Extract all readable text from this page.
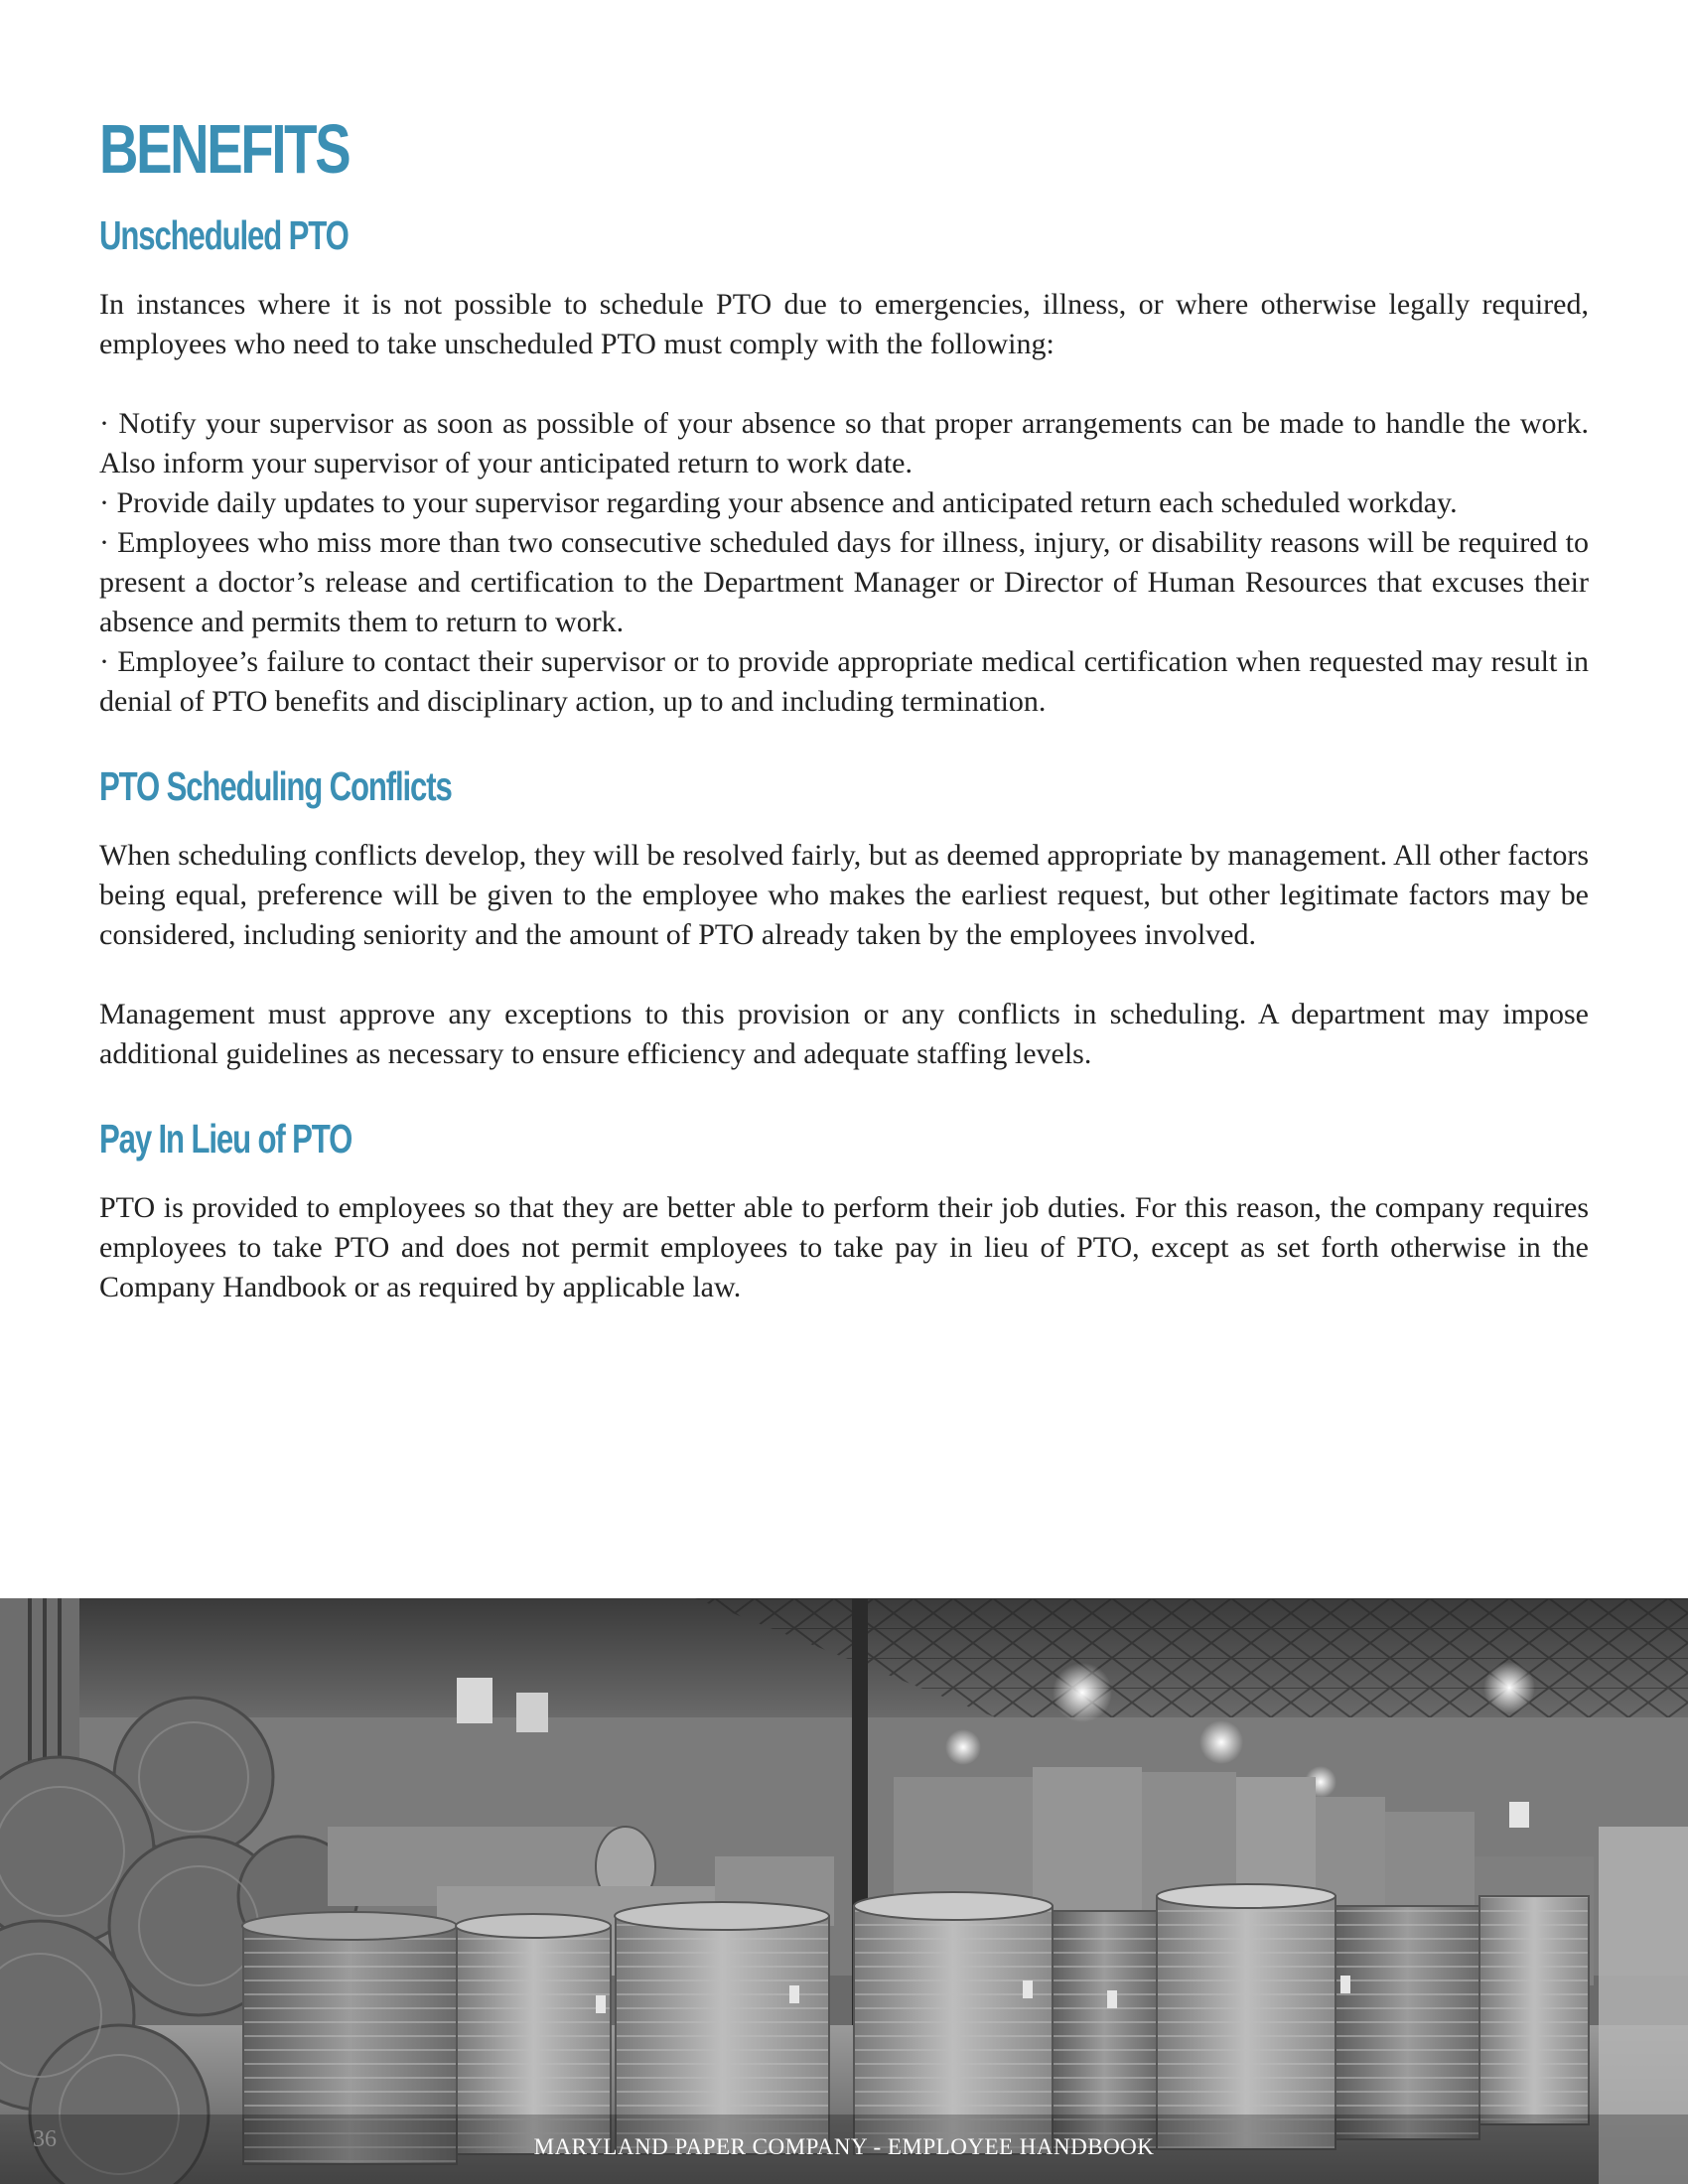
BENEFITS
Unscheduled PTO

In instances where it is not possible to schedule PTO due to emergencies, illness, or where otherwise legally required, employees who need to take unscheduled PTO must comply with the following:

· Notify your supervisor as soon as possible of your absence so that proper arrangements can be made to handle the work. Also inform your supervisor of your anticipated return to work date.

· Provide daily updates to your supervisor regarding your absence and anticipated return each scheduled workday.

· Employees who miss more than two consecutive scheduled days for illness, injury, or disability reasons will be required to present a doctor’s release and certification to the Department Manager or Director of Human Resources that excuses their absence and permits them to return to work.

· Employee’s failure to contact their supervisor or to provide appropriate medical certification when requested may result in denial of PTO benefits and disciplinary action, up to and including termination.

PTO Scheduling Conflicts

When scheduling conflicts develop, they will be resolved fairly, but as deemed appropriate by management. All other factors being equal, preference will be given to the employee who makes the earliest request, but other legitimate factors may be considered, including seniority and the amount of PTO already taken by the employees involved.

Management must approve any exceptions to this provision or any conflicts in scheduling. A department may impose additional guidelines as necessary to ensure efficiency and adequate staffing levels.

Pay In Lieu of PTO

PTO is provided to employees so that they are better able to perform their job duties. For this reason, the company requires employees to take PTO and does not permit employees to take pay in lieu of PTO, except as set forth otherwise in the Company Handbook or as required by applicable law.

36	MARYLAND PAPER COMPANY - EMPLOYEE HANDBOOK
